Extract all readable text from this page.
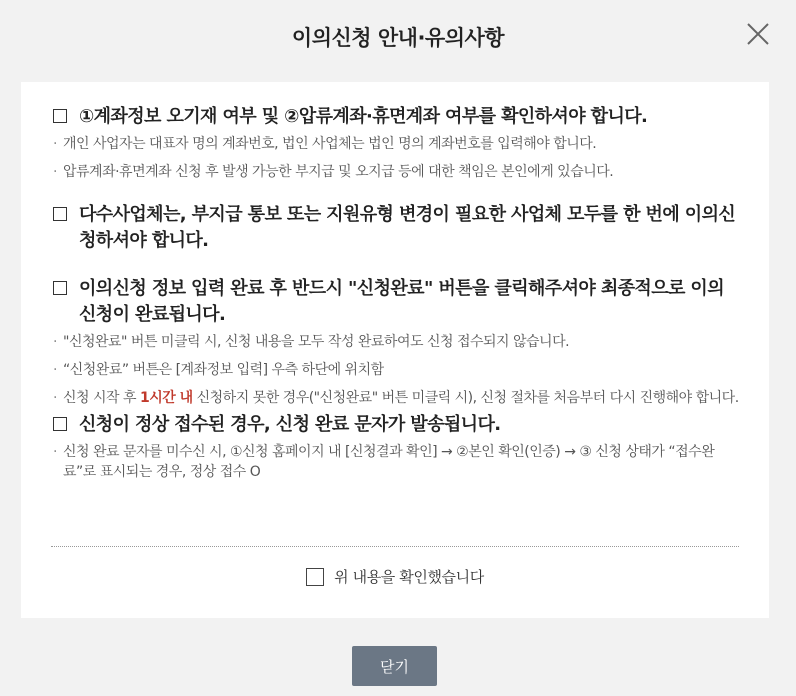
이의신청 안내·유의사항
①계좌정보 오기재 여부 및 ②압류계좌·휴면계좌 여부를 확인하셔야 합니다.
· 개인 사업자는 대표자 명의 계좌번호, 법인 사업체는 법인 명의 계좌번호를 입력해야 합니다.
· 압류계좌·휴면계좌 신청 후 발생 가능한 부지급 및 오지급 등에 대한 책임은 본인에게 있습니다.
다수사업체는, 부지급 통보 또는 지원유형 변경이 필요한 사업체 모두를 한 번에 이의신청하셔야 합니다.
이의신청 정보 입력 완료 후 반드시 "신청완료" 버튼을 클릭해주셔야 최종적으로 이의신청이 완료됩니다.
· "신청완료" 버튼 미클릭 시, 신청 내용을 모두 작성 완료하여도 신청 접수되지 않습니다.
· “신청완료” 버튼은 [계좌정보 입력] 우측 하단에 위치함
· 신청 시작 후 1시간 내 신청하지 못한 경우("신청완료" 버튼 미클릭 시), 신청 절차를 처음부터 다시 진행해야 합니다.
신청이 정상 접수된 경우, 신청 완료 문자가 발송됩니다.
· 신청 완료 문자를 미수신 시, ①신청 홈페이지 내 [신청결과 확인] → ②본인 확인(인증) → ③ 신청 상태가 “접수완료”로 표시되는 경우, 정상 접수 O
위 내용을 확인했습니다
닫기
